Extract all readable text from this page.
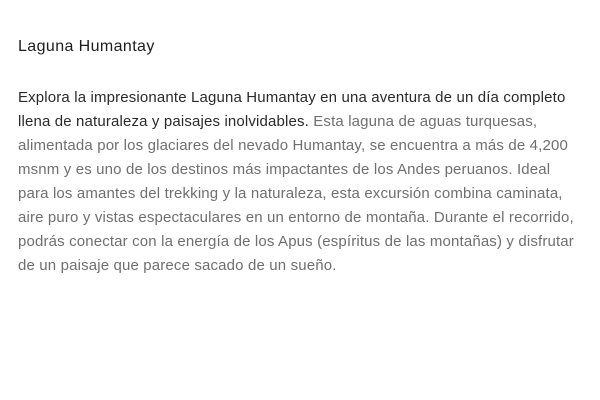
Laguna Humantay

Explora la impresionante Laguna Humantay en una aventura de un día completo llena de naturaleza y paisajes inolvidables. Esta laguna de aguas turquesas, alimentada por los glaciares del nevado Humantay, se encuentra a más de 4,200 msnm y es uno de los destinos más impactantes de los Andes peruanos. Ideal para los amantes del trekking y la naturaleza, esta excursión combina caminata, aire puro y vistas espectaculares en un entorno de montaña. Durante el recorrido, podrás conectar con la energía de los Apus (espíritus de las montañas) y disfrutar de un paisaje que parece sacado de un sueño.
